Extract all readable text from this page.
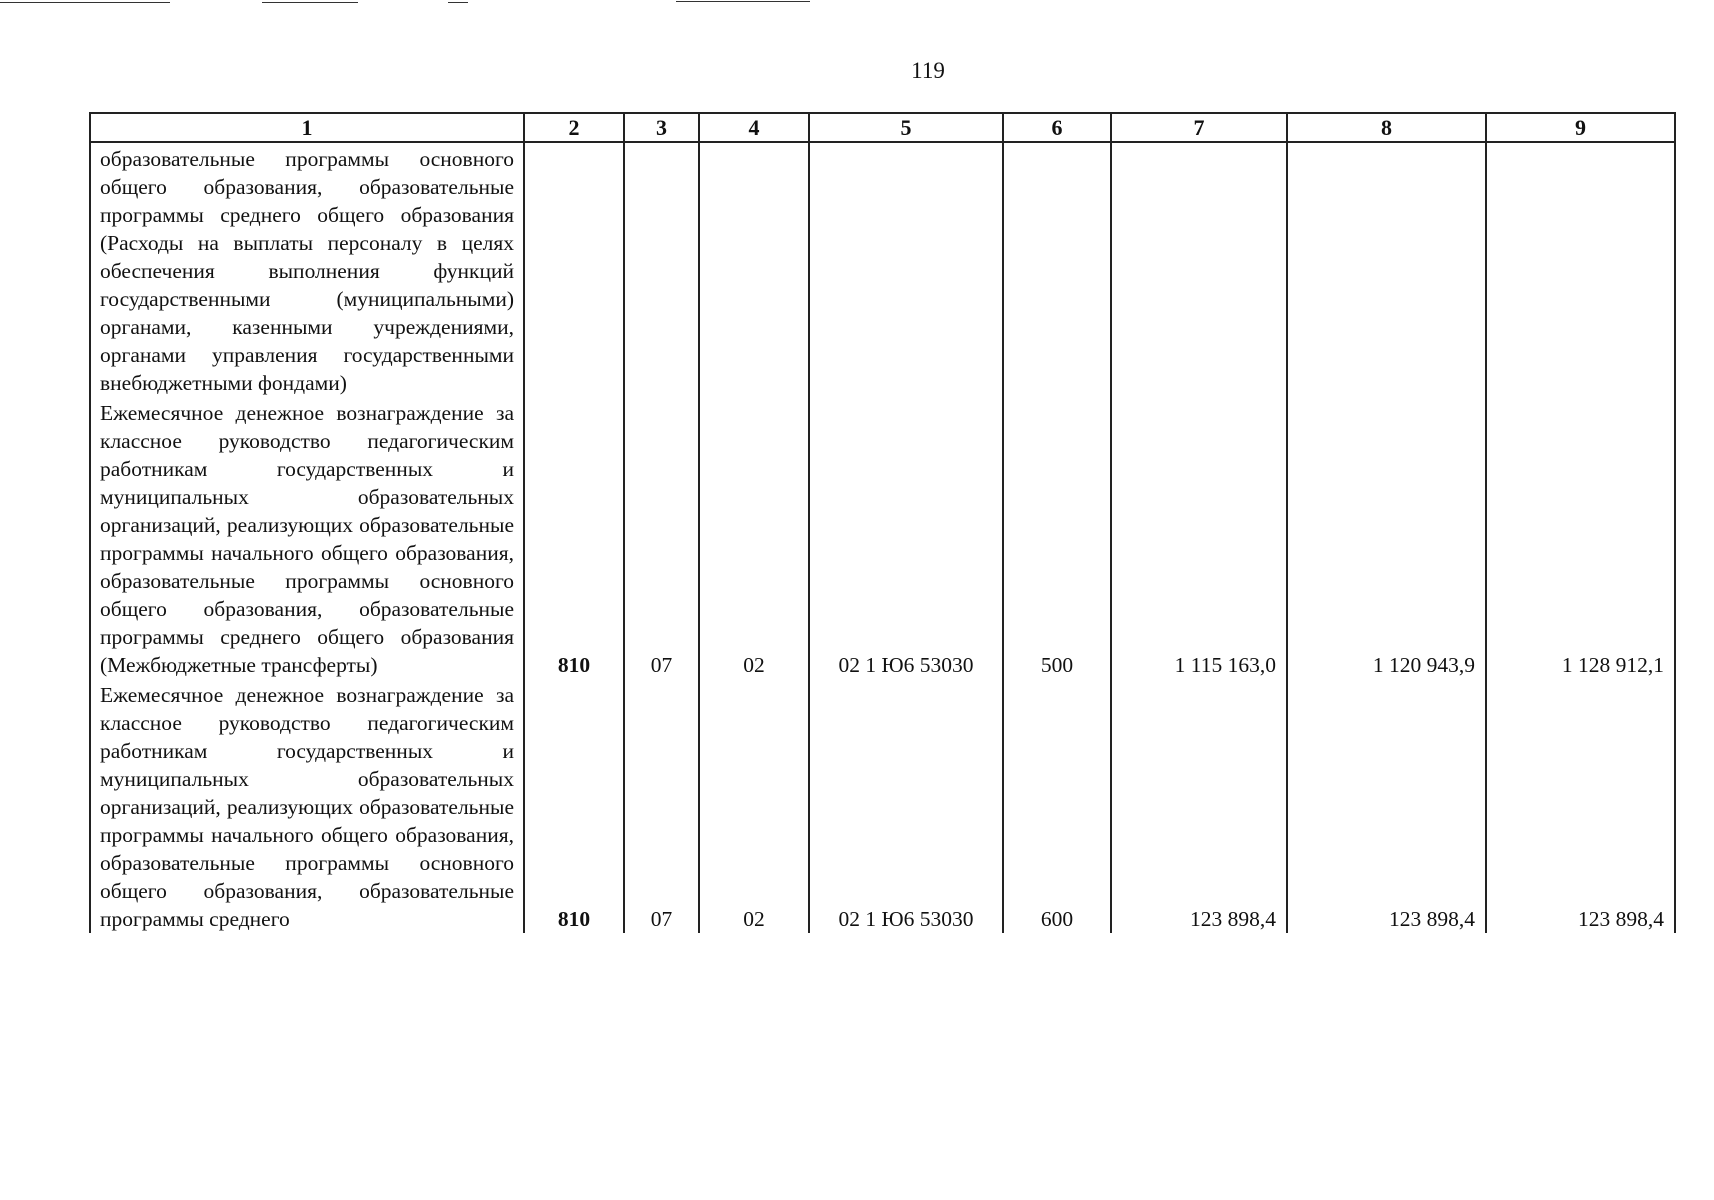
119
1	2	3	4	5	6	7	8	9

образовательные программы основного общего образования, образовательные программы среднего общего образования (Расходы на выплаты персоналу в целях обеспечения выполнения функций государственными (муниципальными) органами, казенными учреждениями, органами управления государственными внебюджетными фондами)								

Ежемесячное денежное вознаграждение за классное руководство педагогическим работникам государственных и муниципальных образовательных организаций, реализующих образовательные программы начального общего образования, образовательные программы основного общего образования, образовательные программы среднего общего образования (Межбюджетные трансферты)	810	07	02	02 1 Ю6 53030	500	1 115 163,0	1 120 943,9	1 128 912,1

Ежемесячное денежное вознаграждение за классное руководство педагогическим работникам государственных и муниципальных образовательных организаций, реализующих образовательные программы начального общего образования, образовательные программы основного общего образования, образовательные программы среднего	810	07	02	02 1 Ю6 53030	600	123 898,4	123 898,4	123 898,4
